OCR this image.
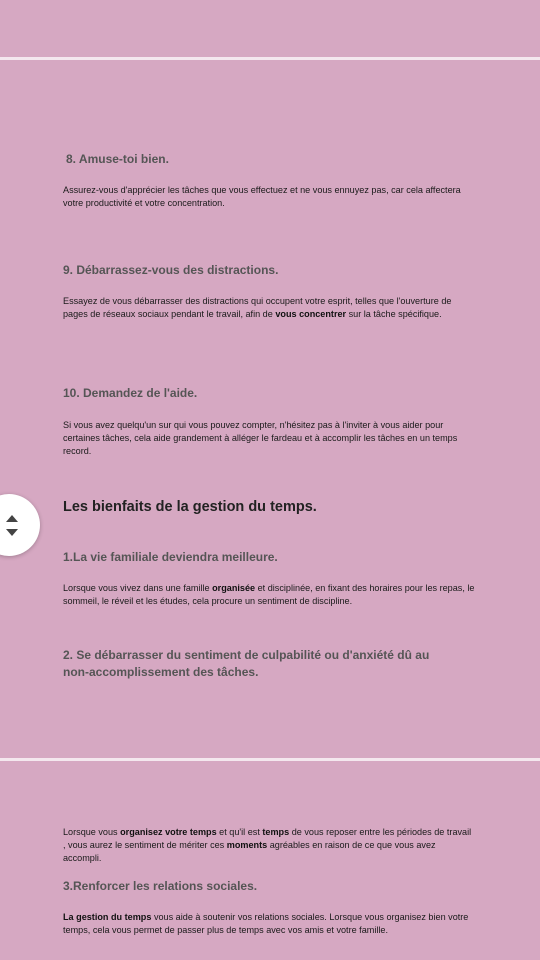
8. Amuse-toi bien.

Assurez-vous d'apprécier les tâches que vous effectuez et ne vous ennuyez pas, car cela affectera votre productivité et votre concentration.

9. Débarrassez-vous des distractions.

Essayez de vous débarrasser des distractions qui occupent votre esprit, telles que l'ouverture de pages de réseaux sociaux pendant le travail, afin de vous concentrer sur la tâche spécifique.

10. Demandez de l'aide.

Si vous avez quelqu'un sur qui vous pouvez compter, n'hésitez pas à l'inviter à vous aider pour certaines tâches, cela aide grandement à alléger le fardeau et à accomplir les tâches en un temps record.

Les bienfaits de la gestion du temps.
1.La vie familiale deviendra meilleure.

Lorsque vous vivez dans une famille organisée et disciplinée, en fixant des horaires pour les repas, le sommeil, le réveil et les études, cela procure un sentiment de discipline.

2. Se débarrasser du sentiment de culpabilité ou d'anxiété dû au non-accomplissement des tâches.

Lorsque vous organisez votre temps et qu'il est temps de vous reposer entre les périodes de travail , vous aurez le sentiment de mériter ces moments agréables en raison de ce que vous avez accompli.

3.Renforcer les relations sociales.

La gestion du temps vous aide à soutenir vos relations sociales. Lorsque vous organisez bien votre temps, cela vous permet de passer plus de temps avec vos amis et votre famille.
